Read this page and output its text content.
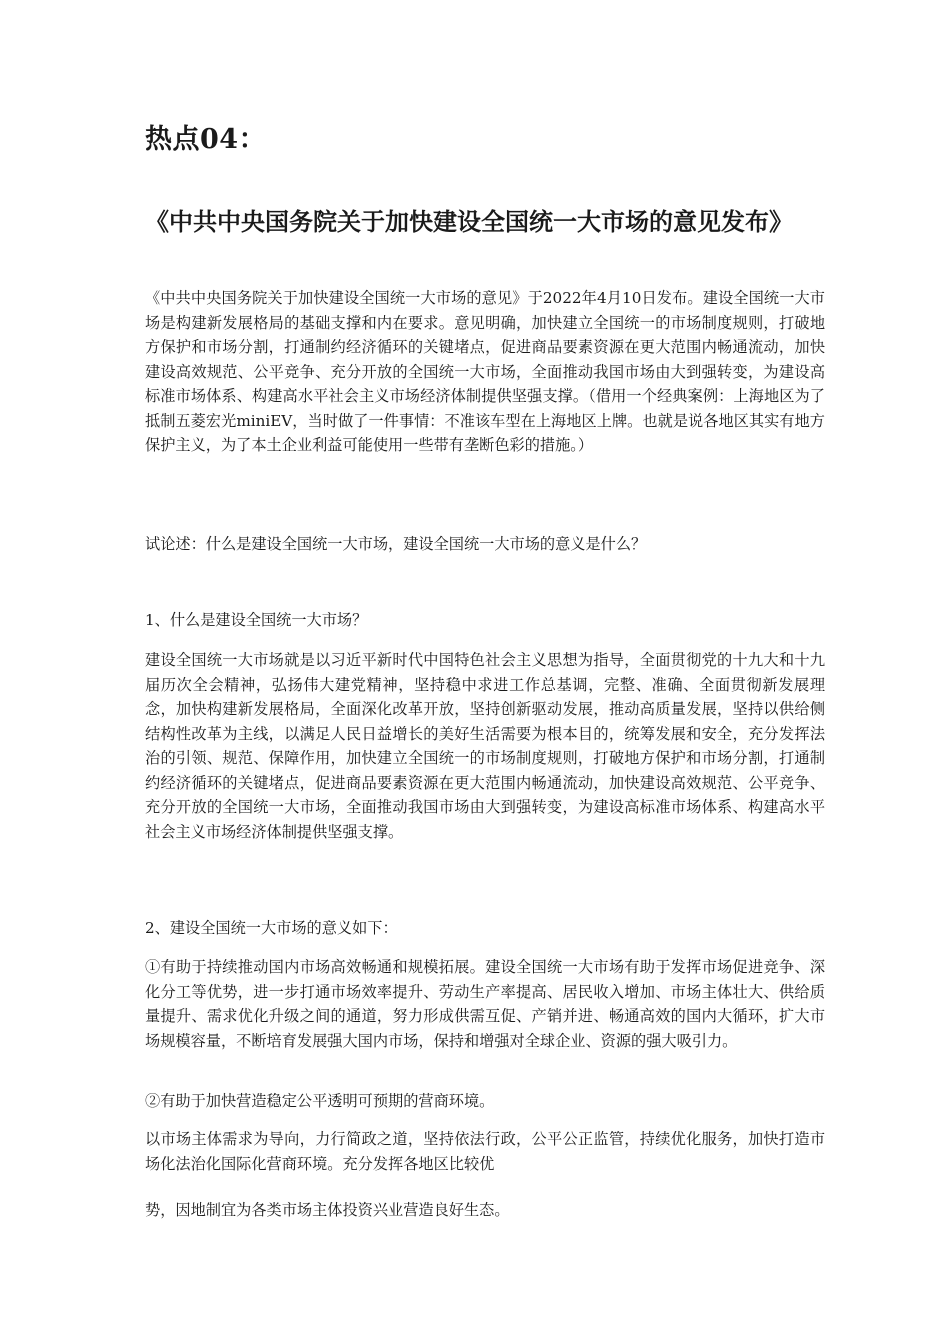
热点04：
《中共中央国务院关于加快建设全国统一大市场的意见发布》

《中共中央国务院关于加快建设全国统一大市场的意见》于2022年4月10日发布。建设全国统一大市场是构建新发展格局的基础支撑和内在要求。意见明确，加快建立全国统一的市场制度规则，打破地方保护和市场分割，打通制约经济循环的关键堵点，促进商品要素资源在更大范围内畅通流动，加快建设高效规范、公平竞争、充分开放的全国统一大市场，全面推动我国市场由大到强转变，为建设高标准市场体系、构建高水平社会主义市场经济体制提供坚强支撑。（借用一个经典案例：上海地区为了抵制五菱宏光miniEV，当时做了一件事情：不准该车型在上海地区上牌。也就是说各地区其实有地方保护主义，为了本土企业利益可能使用一些带有垄断色彩的措施。）

试论述：什么是建设全国统一大市场，建设全国统一大市场的意义是什么？

1、什么是建设全国统一大市场？

建设全国统一大市场就是以习近平新时代中国特色社会主义思想为指导，全面贯彻党的十九大和十九届历次全会精神，弘扬伟大建党精神，坚持稳中求进工作总基调，完整、准确、全面贯彻新发展理念，加快构建新发展格局，全面深化改革开放，坚持创新驱动发展，推动高质量发展，坚持以供给侧结构性改革为主线，以满足人民日益增长的美好生活需要为根本目的，统筹发展和安全，充分发挥法治的引领、规范、保障作用，加快建立全国统一的市场制度规则，打破地方保护和市场分割，打通制约经济循环的关键堵点，促进商品要素资源在更大范围内畅通流动，加快建设高效规范、公平竞争、充分开放的全国统一大市场，全面推动我国市场由大到强转变，为建设高标准市场体系、构建高水平社会主义市场经济体制提供坚强支撑。

2、建设全国统一大市场的意义如下：

①有助于持续推动国内市场高效畅通和规模拓展。建设全国统一大市场有助于发挥市场促进竞争、深化分工等优势，进一步打通市场效率提升、劳动生产率提高、居民收入增加、市场主体壮大、供给质量提升、需求优化升级之间的通道，努力形成供需互促、产销并进、畅通高效的国内大循环，扩大市场规模容量，不断培育发展强大国内市场，保持和增强对全球企业、资源的强大吸引力。

②有助于加快营造稳定公平透明可预期的营商环境。

以市场主体需求为导向，力行简政之道，坚持依法行政，公平公正监管，持续优化服务，加快打造市场化法治化国际化营商环境。充分发挥各地区比较优

势，因地制宜为各类市场主体投资兴业营造良好生态。
